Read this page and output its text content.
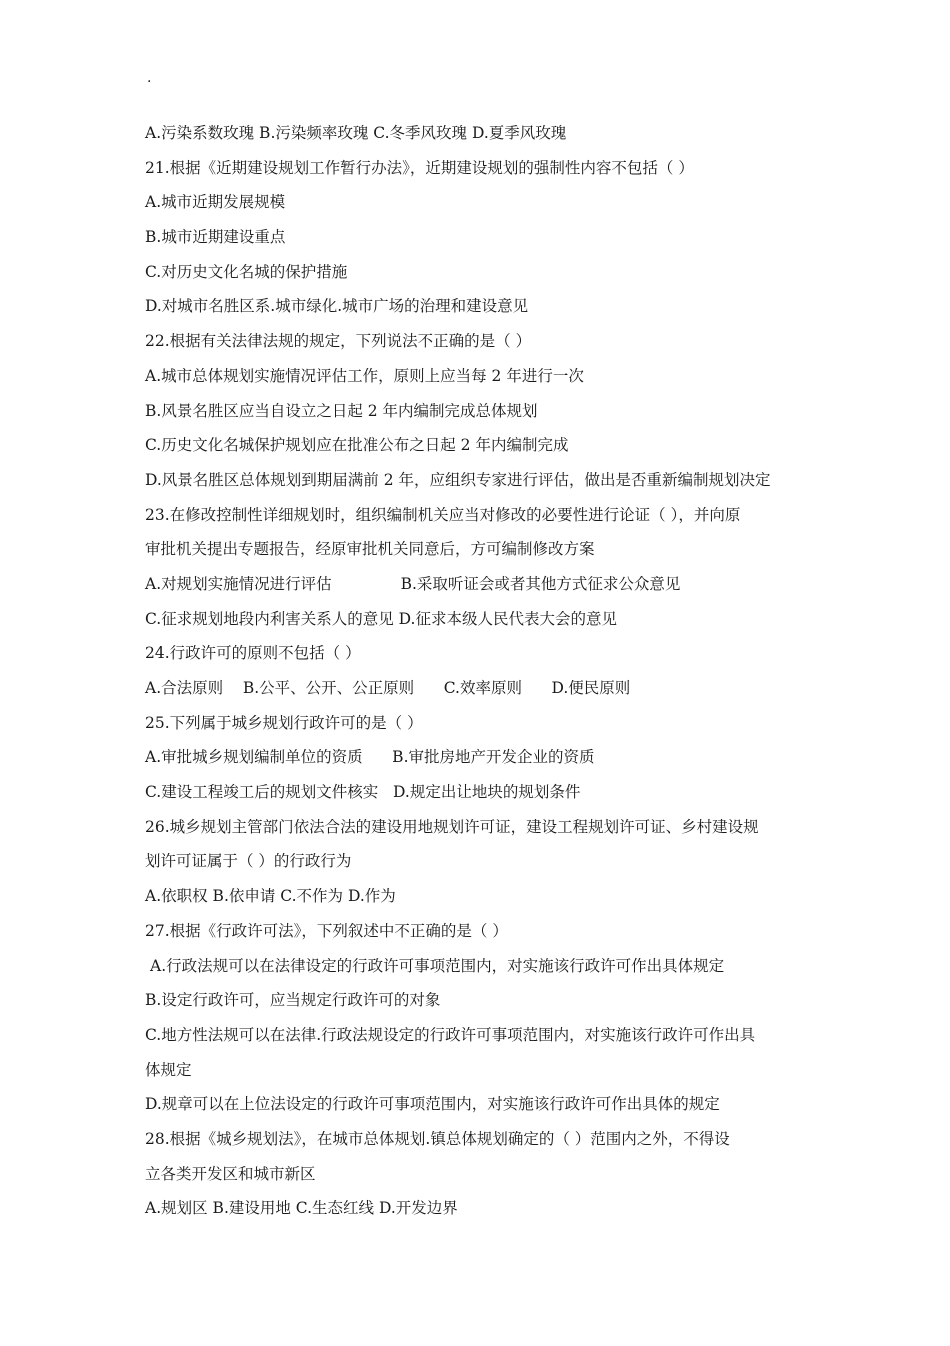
.
A.污染系数玫瑰 B.污染频率玫瑰 C.冬季风玫瑰 D.夏季风玫瑰
21.根据《近期建设规划工作暂行办法》，近期建设规划的强制性内容不包括（ ）
A.城市近期发展规模
B.城市近期建设重点
C.对历史文化名城的保护措施
D.对城市名胜区系.城市绿化.城市广场的治理和建设意见
22.根据有关法律法规的规定，下列说法不正确的是（ ）
A.城市总体规划实施情况评估工作，原则上应当每 2 年进行一次
B.风景名胜区应当自设立之日起 2 年内编制完成总体规划
C.历史文化名城保护规划应在批准公布之日起 2 年内编制完成
D.风景名胜区总体规划到期届满前 2 年，应组织专家进行评估，做出是否重新编制规划决定
23.在修改控制性详细规划时，组织编制机关应当对修改的必要性进行论证（ ），并向原
审批机关提出专题报告，经原审批机关同意后，方可编制修改方案
A.对规划实施情况进行评估              B.采取听证会或者其他方式征求公众意见
C.征求规划地段内利害关系人的意见 D.征求本级人民代表大会的意见
24.行政许可的原则不包括（ ）
A.合法原则    B.公平、公开、公正原则      C.效率原则      D.便民原则
25.下列属于城乡规划行政许可的是（ ）
A.审批城乡规划编制单位的资质      B.审批房地产开发企业的资质
C.建设工程竣工后的规划文件核实   D.规定出让地块的规划条件
26.城乡规划主管部门依法合法的建设用地规划许可证，建设工程规划许可证、乡村建设规
划许可证属于（ ）的行政行为
A.依职权 B.依申请 C.不作为 D.作为
27.根据《行政许可法》，下列叙述中不正确的是（ ）
A.行政法规可以在法律设定的行政许可事项范围内，对实施该行政许可作出具体规定
B.设定行政许可，应当规定行政许可的对象
C.地方性法规可以在法律.行政法规设定的行政许可事项范围内，对实施该行政许可作出具
体规定
D.规章可以在上位法设定的行政许可事项范围内，对实施该行政许可作出具体的规定
28.根据《城乡规划法》，在城市总体规划.镇总体规划确定的（ ）范围内之外，不得设
立各类开发区和城市新区
A.规划区 B.建设用地 C.生态红线 D.开发边界
